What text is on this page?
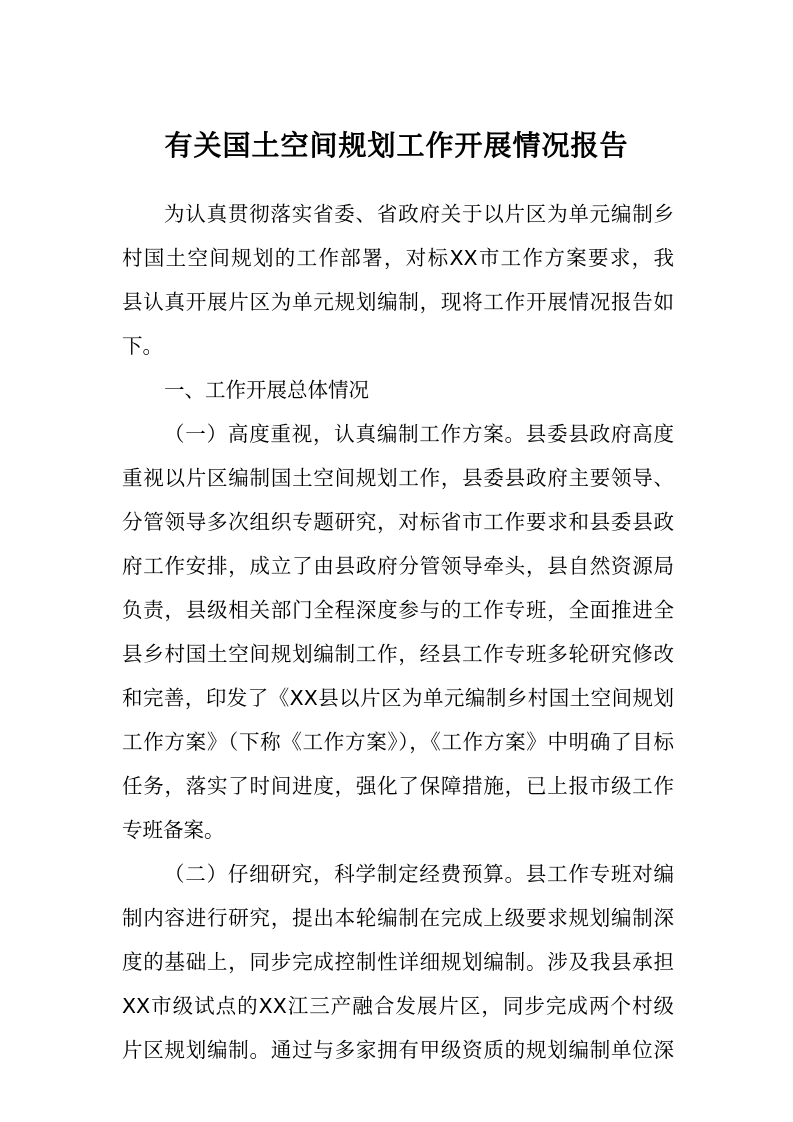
有关国土空间规划工作开展情况报告
为认真贯彻落实省委、省政府关于以片区为单元编制乡
村国土空间规划的工作部署，对标XX市工作方案要求，我
县认真开展片区为单元规划编制，现将工作开展情况报告如
下。
一、工作开展总体情况
（一）高度重视，认真编制工作方案。县委县政府高度
重视以片区编制国土空间规划工作，县委县政府主要领导、
分管领导多次组织专题研究，对标省市工作要求和县委县政
府工作安排，成立了由县政府分管领导牵头，县自然资源局
负责，县级相关部门全程深度参与的工作专班，全面推进全
县乡村国土空间规划编制工作，经县工作专班多轮研究修改
和完善，印发了《XX县以片区为单元编制乡村国土空间规划
工作方案》（下称《工作方案》），《工作方案》中明确了目标
任务，落实了时间进度，强化了保障措施，已上报市级工作
专班备案。
（二）仔细研究，科学制定经费预算。县工作专班对编
制内容进行研究，提出本轮编制在完成上级要求规划编制深
度的基础上，同步完成控制性详细规划编制。涉及我县承担
XX市级试点的XX江三产融合发展片区，同步完成两个村级
片区规划编制。通过与多家拥有甲级资质的规划编制单位深
